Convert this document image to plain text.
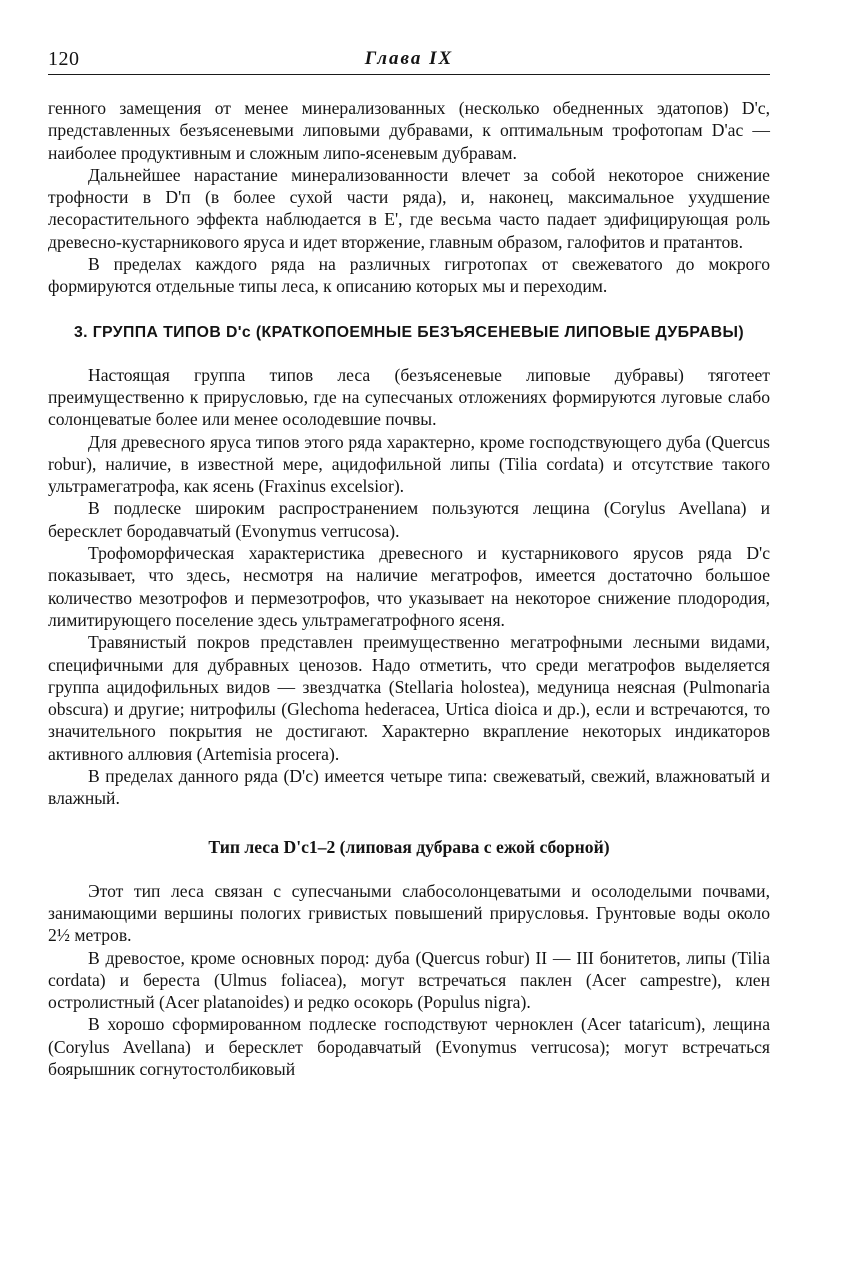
120	Глава IX

генного замещения от менее минерализованных (несколько обедненных эдатопов) D'c, представленных безъясеневыми липовыми дубравами, к оптимальным трофотопам D'ac — наиболее продуктивным и сложным липо-ясеневым дубравам.

Дальнейшее нарастание минерализованности влечет за собой некоторое снижение трофности в D'п (в более сухой части ряда), и, наконец, максимальное ухудшение лесорастительного эффекта наблюдается в E', где весьма часто падает эдифицирующая роль древесно-кустарникового яруса и идет вторжение, главным образом, галофитов и пратантов.

В пределах каждого ряда на различных гигротопах от свежеватого до мокрого формируются отдельные типы леса, к описанию которых мы и переходим.

3. ГРУППА ТИПОВ D'c (КРАТКОПОЕМНЫЕ БЕЗЪЯСЕНЕВЫЕ ЛИПОВЫЕ ДУБРАВЫ)

Настоящая группа типов леса (безъясеневые липовые дубравы) тяготеет преимущественно к прирусловью, где на супесчаных отложениях формируются луговые слабо солонцеватые более или менее осолодевшие почвы.

Для древесного яруса типов этого ряда характерно, кроме господствующего дуба (Quercus robur), наличие, в известной мере, ацидофильной липы (Tilia cordata) и отсутствие такого ультрамегатрофа, как ясень (Fraxinus excelsior).

В подлеске широким распространением пользуются лещина (Corylus Avellana) и бересклет бородавчатый (Evonymus verrucosa).

Трофоморфическая характеристика древесного и кустарникового ярусов ряда D'c показывает, что здесь, несмотря на наличие мегатрофов, имеется достаточно большое количество мезотрофов и пермезотрофов, что указывает на некоторое снижение плодородия, лимитирующего поселение здесь ультрамегатрофного ясеня.

Травянистый покров представлен преимущественно мегатрофными лесными видами, специфичными для дубравных ценозов. Надо отметить, что среди мегатрофов выделяется группа ацидофильных видов — звездчатка (Stellaria holostea), медуница неясная (Pulmonaria obscura) и другие; нитрофилы (Glechoma hederacea, Urtica dioica и др.), если и встречаются, то значительного покрытия не достигают. Характерно вкрапление некоторых индикаторов активного аллювия (Artemisia procera).

В пределах данного ряда (D'c) имеется четыре типа: свежеватый, свежий, влажноватый и влажный.

Тип леса D'c1–2 (липовая дубрава с ежой сборной)

Этот тип леса связан с супесчаными слабосолонцеватыми и осолоделыми почвами, занимающими вершины пологих гривистых повышений прирусловья. Грунтовые воды около 2½ метров.

В древостое, кроме основных пород: дуба (Quercus robur) II — III бонитетов, липы (Tilia cordata) и береста (Ulmus foliacea), могут встречаться паклен (Acer campestre), клен остролистный (Acer platanoides) и редко осокорь (Populus nigra).

В хорошо сформированном подлеске господствуют черноклен (Acer tataricum), лещина (Corylus Avellana) и бересклет бородавчатый (Evonymus verrucosa); могут встречаться боярышник согнутостолбиковый
